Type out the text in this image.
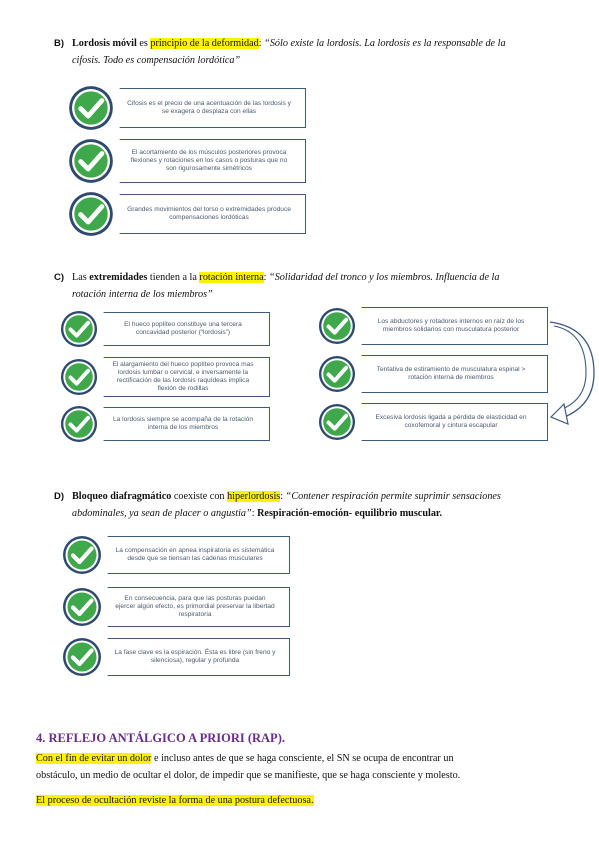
B) Lordosis móvil es principio de la deformidad: “Sólo existe la lordosis. La lordosis es la responsable de la
cifosis. Todo es compensación lordótica”
Cifosis es el precio de una acentuación de las lordosis y se exagera o desplaza con ellas
El acortamiento de los músculos posteriores provoca flexiones y rotaciones en los casos o posturas que no son rigurosamente simétricos
Grandes movimientos del torso o extremidades produce compensaciones lordóticas
C) Las extremidades tienden a la rotación interna: “Solidaridad del tronco y los miembros. Influencia de la
rotación interna de los miembros”
El hueco poplíteo constituye una tercera concavidad posterior (“lordosis”)
El alargamiento del hueco poplíteo provoca mas lordosis lumbar o cervical, e inversamente la rectificación de las lordosis raquídeas implica flexión de rodillas
La lordosis siempre se acompaña de la rotación interna de los miembros
Los abductores y rotadores internos en raíz de los miembros solidarios con musculatura posterior
Tentativa de estiramiento de musculatura espinal > rotación interna de miembros
Excesiva lordosis ligada a pérdida de elasticidad en coxofemoral y cintura escapular
D) Bloqueo diafragmático coexiste con hiperlordosis: “Contener respiración permite suprimir sensaciones
abdominales, ya sean de placer o angustia”: Respiración-emoción- equilibrio muscular.
La compensación en apnea inspiratoria es sistemática desde que se tiensan las cadenas musculares
En consecuencia, para que las posturas puedan ejercer algún efecto, es primordial preservar la libertad respiratoria
La fase clave es la espiración. Ésta es libre (sin freno y silenciosa), regular y profunda
4. REFLEJO ANTÁLGICO A PRIORI (RAP).
Con el fin de evitar un dolor e incluso antes de que se haga consciente, el SN se ocupa de encontrar un
obstáculo, un medio de ocultar el dolor, de impedir que se manifieste, que se haga consciente y molesto.
El proceso de ocultación reviste la forma de una postura defectuosa.
